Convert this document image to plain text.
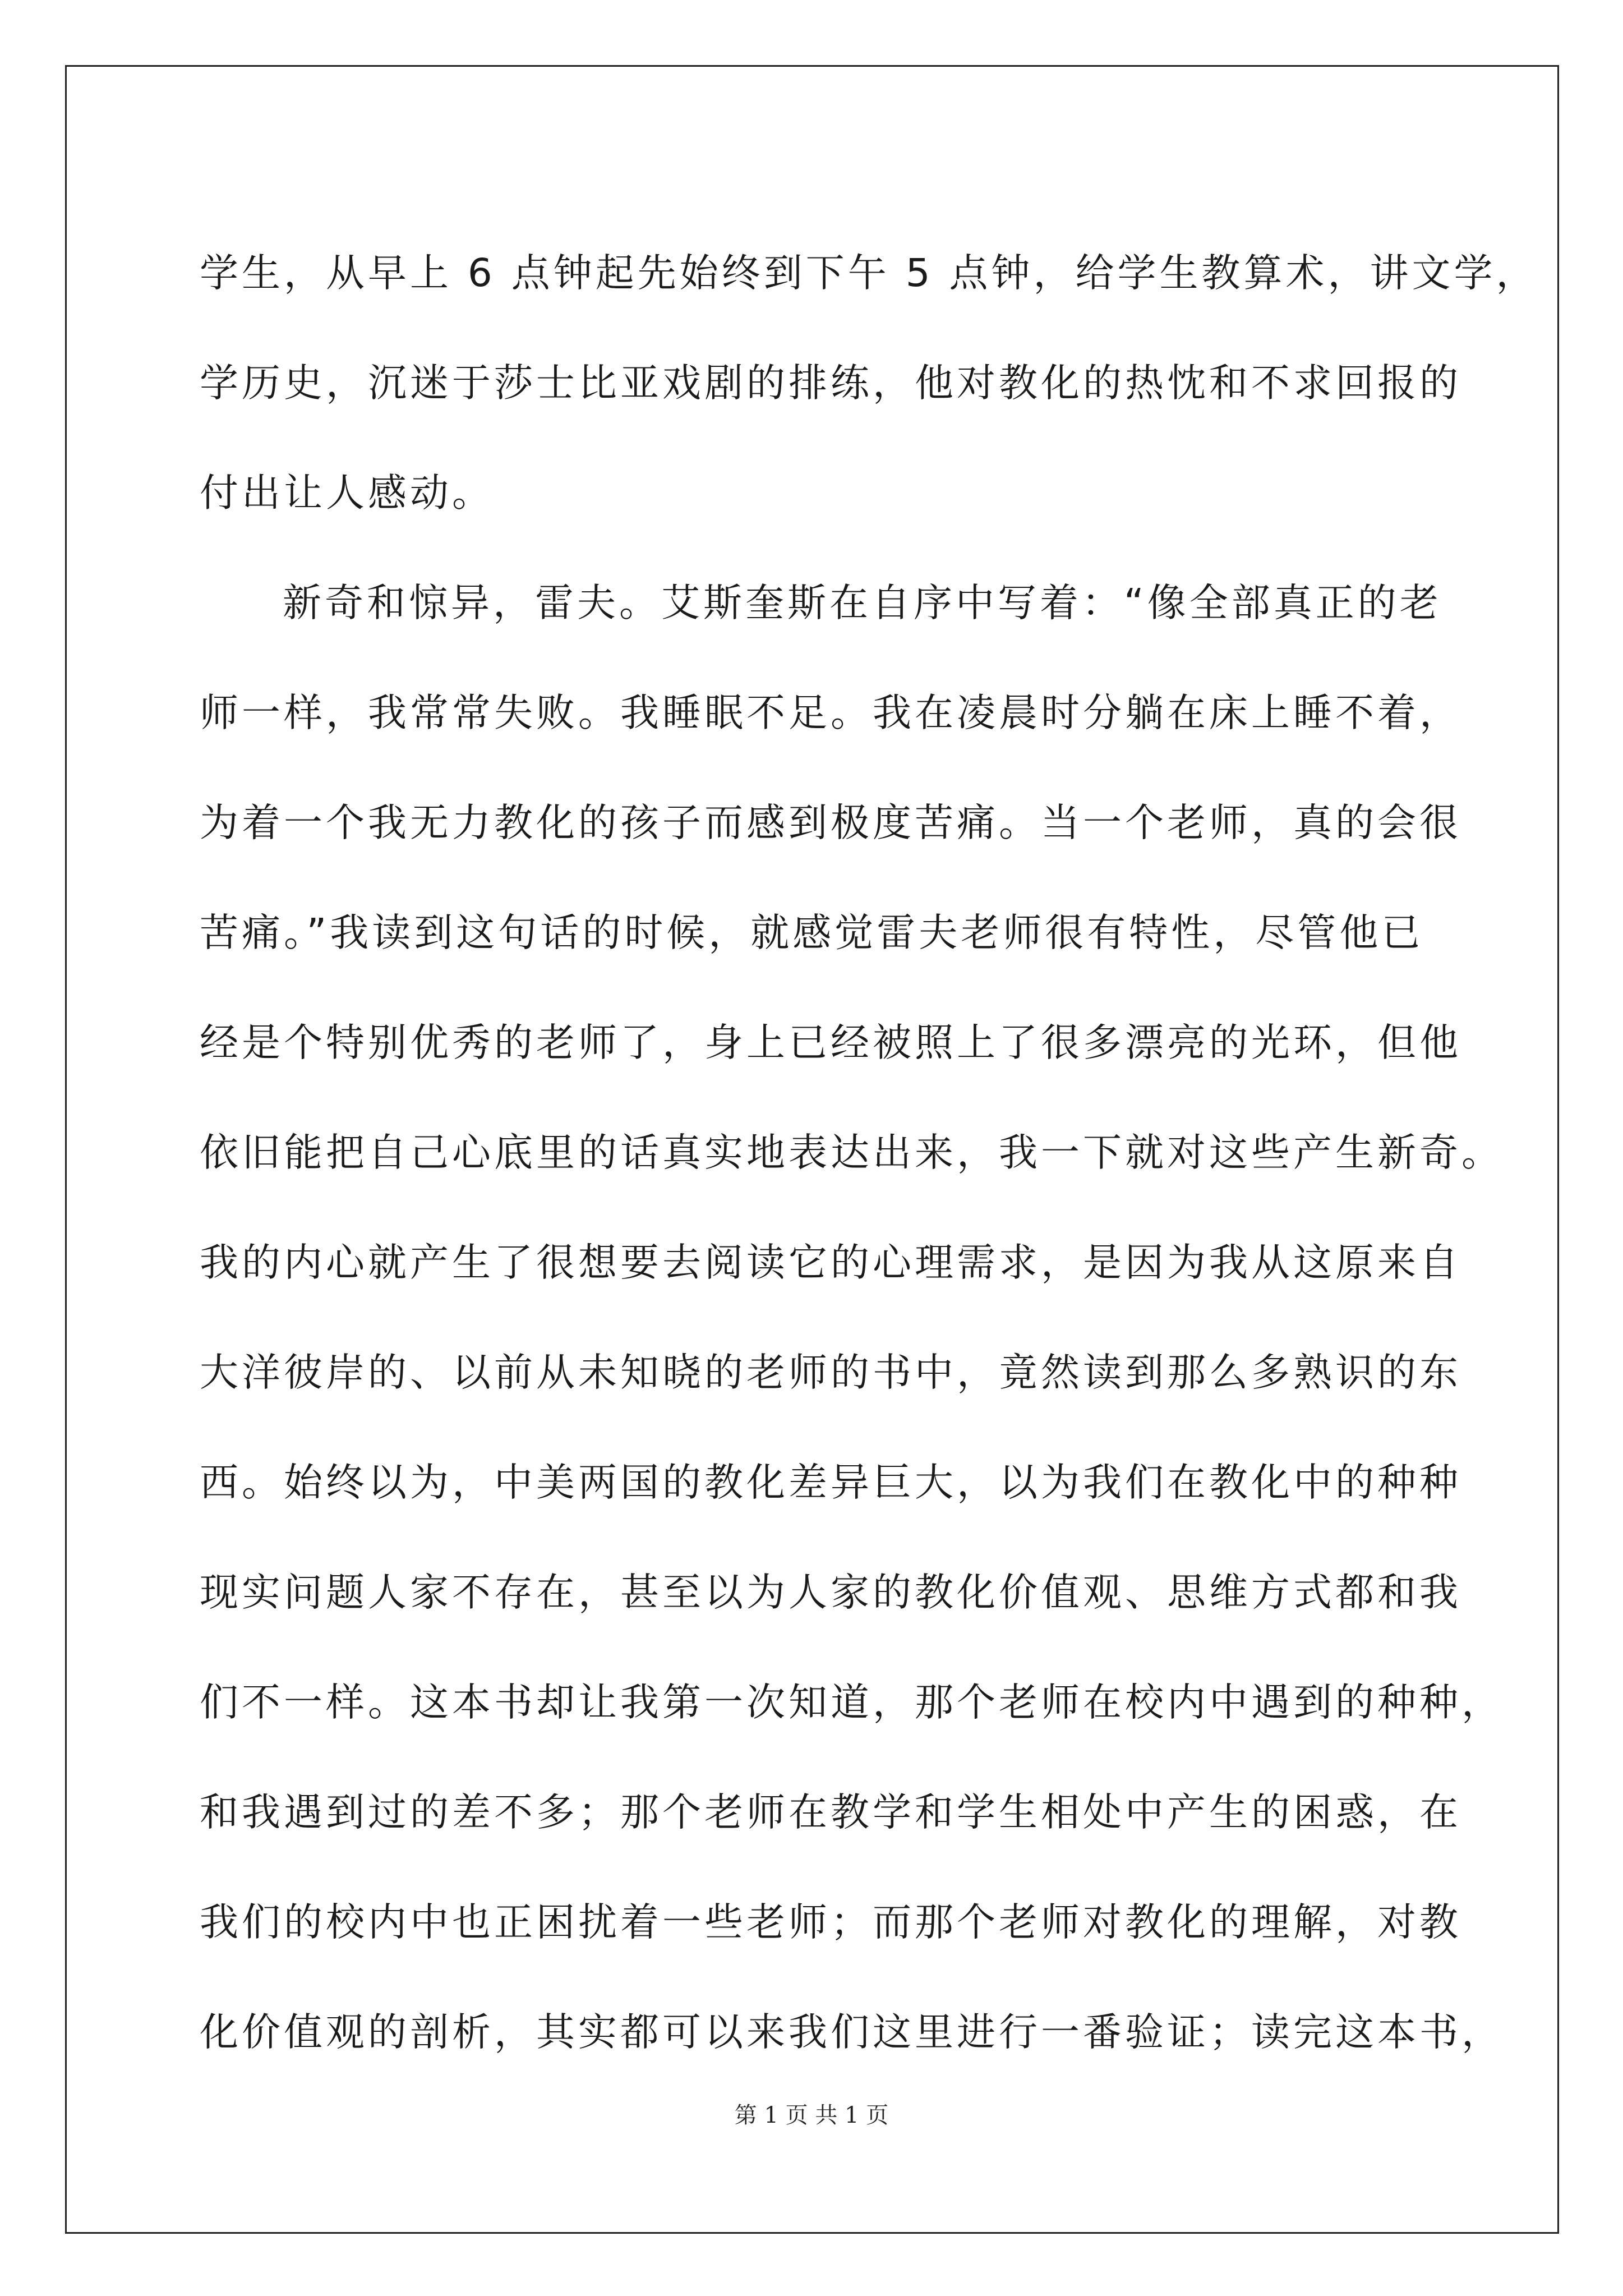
学生，从早上 6 点钟起先始终到下午 5 点钟，给学生教算术，讲文学，
学历史，沉迷于莎士比亚戏剧的排练，他对教化的热忱和不求回报的
付出让人感动。
新奇和惊异，雷夫。艾斯奎斯在自序中写着：“像全部真正的老
师一样，我常常失败。我睡眠不足。我在凌晨时分躺在床上睡不着，
为着一个我无力教化的孩子而感到极度苦痛。当一个老师，真的会很
苦痛。”我读到这句话的时候，就感觉雷夫老师很有特性，尽管他已
经是个特别优秀的老师了，身上已经被照上了很多漂亮的光环，但他
依旧能把自己心底里的话真实地表达出来，我一下就对这些产生新奇。
我的内心就产生了很想要去阅读它的心理需求，是因为我从这原来自
大洋彼岸的、以前从未知晓的老师的书中，竟然读到那么多熟识的东
西。始终以为，中美两国的教化差异巨大，以为我们在教化中的种种
现实问题人家不存在，甚至以为人家的教化价值观、思维方式都和我
们不一样。这本书却让我第一次知道，那个老师在校内中遇到的种种，
和我遇到过的差不多；那个老师在教学和学生相处中产生的困惑，在
我们的校内中也正困扰着一些老师；而那个老师对教化的理解，对教
化价值观的剖析，其实都可以来我们这里进行一番验证；读完这本书，
第 1 页 共 1 页
